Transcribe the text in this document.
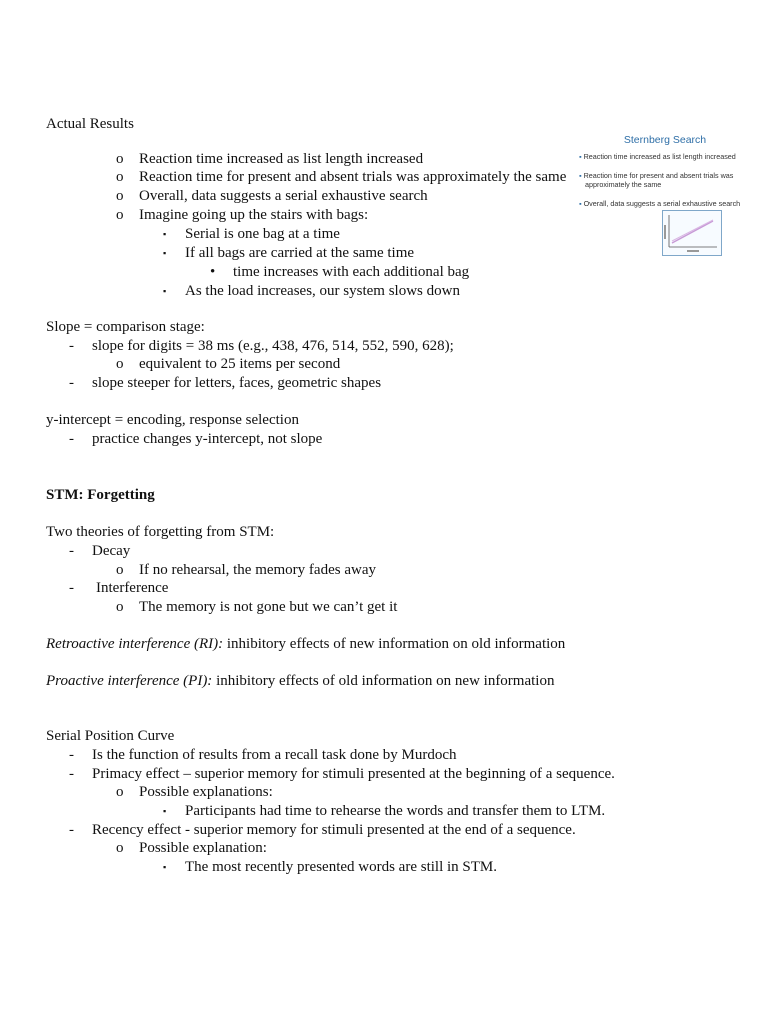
Actual Results
o Reaction time increased as list length increased
o Reaction time for present and absent trials was approximately the same
o Overall, data suggests a serial exhaustive search
o Imagine going up the stairs with bags:
▪ Serial is one bag at a time
▪ If all bags are carried at the same time
• time increases with each additional bag
▪ As the load increases, our system slows down
Sternberg Search
▪ Reaction time increased as list length increased
▪ Reaction time for present and absent trials was
approximately the same
▪ Overall, data suggests a serial exhaustive search
Slope = comparison stage:
- slope for digits = 38 ms (e.g., 438, 476, 514, 552, 590, 628);
o equivalent to 25 items per second
- slope steeper for letters, faces, geometric shapes
y-intercept = encoding, response selection
- practice changes y-intercept, not slope
STM: Forgetting
Two theories of forgetting from STM:
- Decay
o If no rehearsal, the memory fades away
- Interference
o The memory is not gone but we can’t get it
Retroactive interference (RI): inhibitory effects of new information on old information
Proactive interference (PI): inhibitory effects of old information on new information
Serial Position Curve
- Is the function of results from a recall task done by Murdoch
- Primacy effect – superior memory for stimuli presented at the beginning of a sequence.
o Possible explanations:
▪ Participants had time to rehearse the words and transfer them to LTM.
- Recency effect - superior memory for stimuli presented at the end of a sequence.
o Possible explanation:
▪ The most recently presented words are still in STM.
